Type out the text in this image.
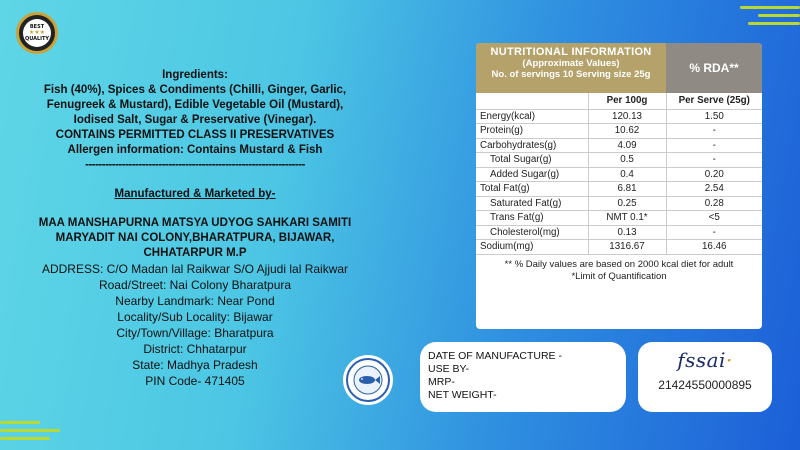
BEST
★★★
QUALITY

Ingredients:

Fish (40%), Spices & Condiments (Chilli, Ginger, Garlic,

Fenugreek & Mustard), Edible Vegetable Oil (Mustard),

Iodised Salt, Sugar & Preservative (Vinegar).

CONTAINS PERMITTED CLASS II PRESERVATIVES

Allergen information: Contains Mustard & Fish

------------------------------------------------------------------

Manufactured & Marketed by-

MAA MANSHAPURNA MATSYA UDYOG SAHKARI SAMITI

MARYADIT NAI COLONY,BHARATPURA, BIJAWAR,

CHHATARPUR M.P

ADDRESS: C/O Madan lal Raikwar S/O Ajjudi lal Raikwar

Road/Street: Nai Colony Bharatpura

Nearby Landmark: Near Pond

Locality/Sub Locality: Bijawar

City/Town/Village: Bharatpura

District: Chhatarpur

State: Madhya Pradesh

PIN Code- 471405

NUTRITIONAL INFORMATION
(Approximate Values)
No. of servings 10 Serving size 25g	% RDA**
	Per 100g	Per Serve (25g)
Energy(kcal)	120.13	1.50
Protein(g)	10.62	-
Carbohydrates(g)	4.09	-
Total Sugar(g)	0.5	-
Added Sugar(g)	0.4	0.20
Total Fat(g)	6.81	2.54
Saturated Fat(g)	0.25	0.28
Trans Fat(g)	NMT 0.1*	<5
Cholesterol(mg)	0.13	-
Sodium(mg)	1316.67	16.46
** % Daily values are based on 2000 kcal diet for adult
*Limit of Quantification
DATE OF MANUFACTURE -
USE BY-
MRP-
NET WEIGHT-
fssai·
21424550000895
